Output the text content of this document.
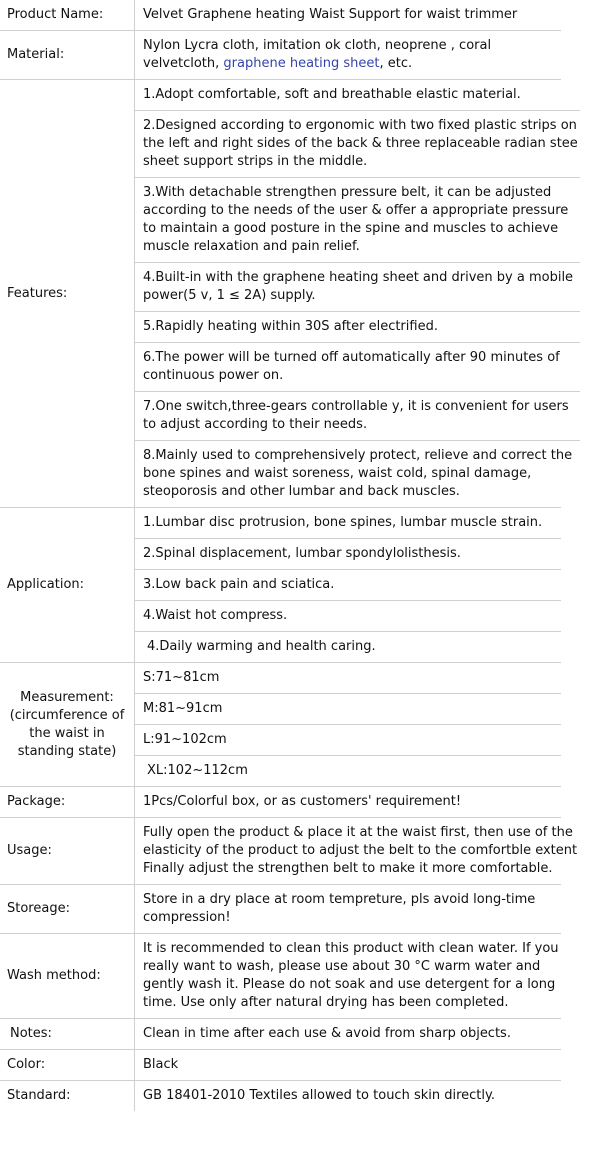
Product Name:	Velvet Graphene heating Waist Support for waist trimmer
Material:
Nylon Lycra cloth, imitation ok cloth, neoprene , coral
velvetcloth, graphene heating sheet, etc.
Features:
1.Adopt comfortable, soft and breathable elastic material.
2.Designed according to ergonomic with two fixed plastic strips on
the left and right sides of the back & three replaceable radian stee
sheet support strips in the middle.
3.With detachable strengthen pressure belt, it can be adjusted
according to the needs of the user & offer a appropriate pressure
to maintain a good posture in the spine and muscles to achieve
muscle relaxation and pain relief.
4.Built-in with the graphene heating sheet and driven by a mobile
power(5 v, 1 ≤ 2A) supply.
5.Rapidly heating within 30S after electrified.
6.The power will be turned off automatically after 90 minutes of
continuous power on.
7.One switch,three-gears controllable y, it is convenient for users
to adjust according to their needs.
8.Mainly used to comprehensively protect, relieve and correct the
bone spines and waist soreness, waist cold, spinal damage,
steoporosis and other lumbar and back muscles.
Application:
1.Lumbar disc protrusion, bone spines, lumbar muscle strain.
2.Spinal displacement, lumbar spondylolisthesis.
3.Low back pain and sciatica.
4.Waist hot compress.
4.Daily warming and health caring.
Measurement:
(circumference of
the waist in
standing state)
S:71~81cm
M:81~91cm
L:91~102cm
XL:102~112cm
Package:	1Pcs/Colorful box, or as customers' requirement!
Usage:
Fully open the product & place it at the waist first, then use of the
elasticity of the product to adjust the belt to the comfortble extent
Finally adjust the strengthen belt to make it more comfortable.
Storeage:
Store in a dry place at room tempreture, pls avoid long-time
compression!
Wash method:
It is recommended to clean this product with clean water. If you
really want to wash, please use about 30 °C warm water and
gently wash it. Please do not soak and use detergent for a long
time. Use only after natural drying has been completed.
Notes:	Clean in time after each use & avoid from sharp objects.
Color:	Black
Standard:	GB 18401-2010 Textiles allowed to touch skin directly.
